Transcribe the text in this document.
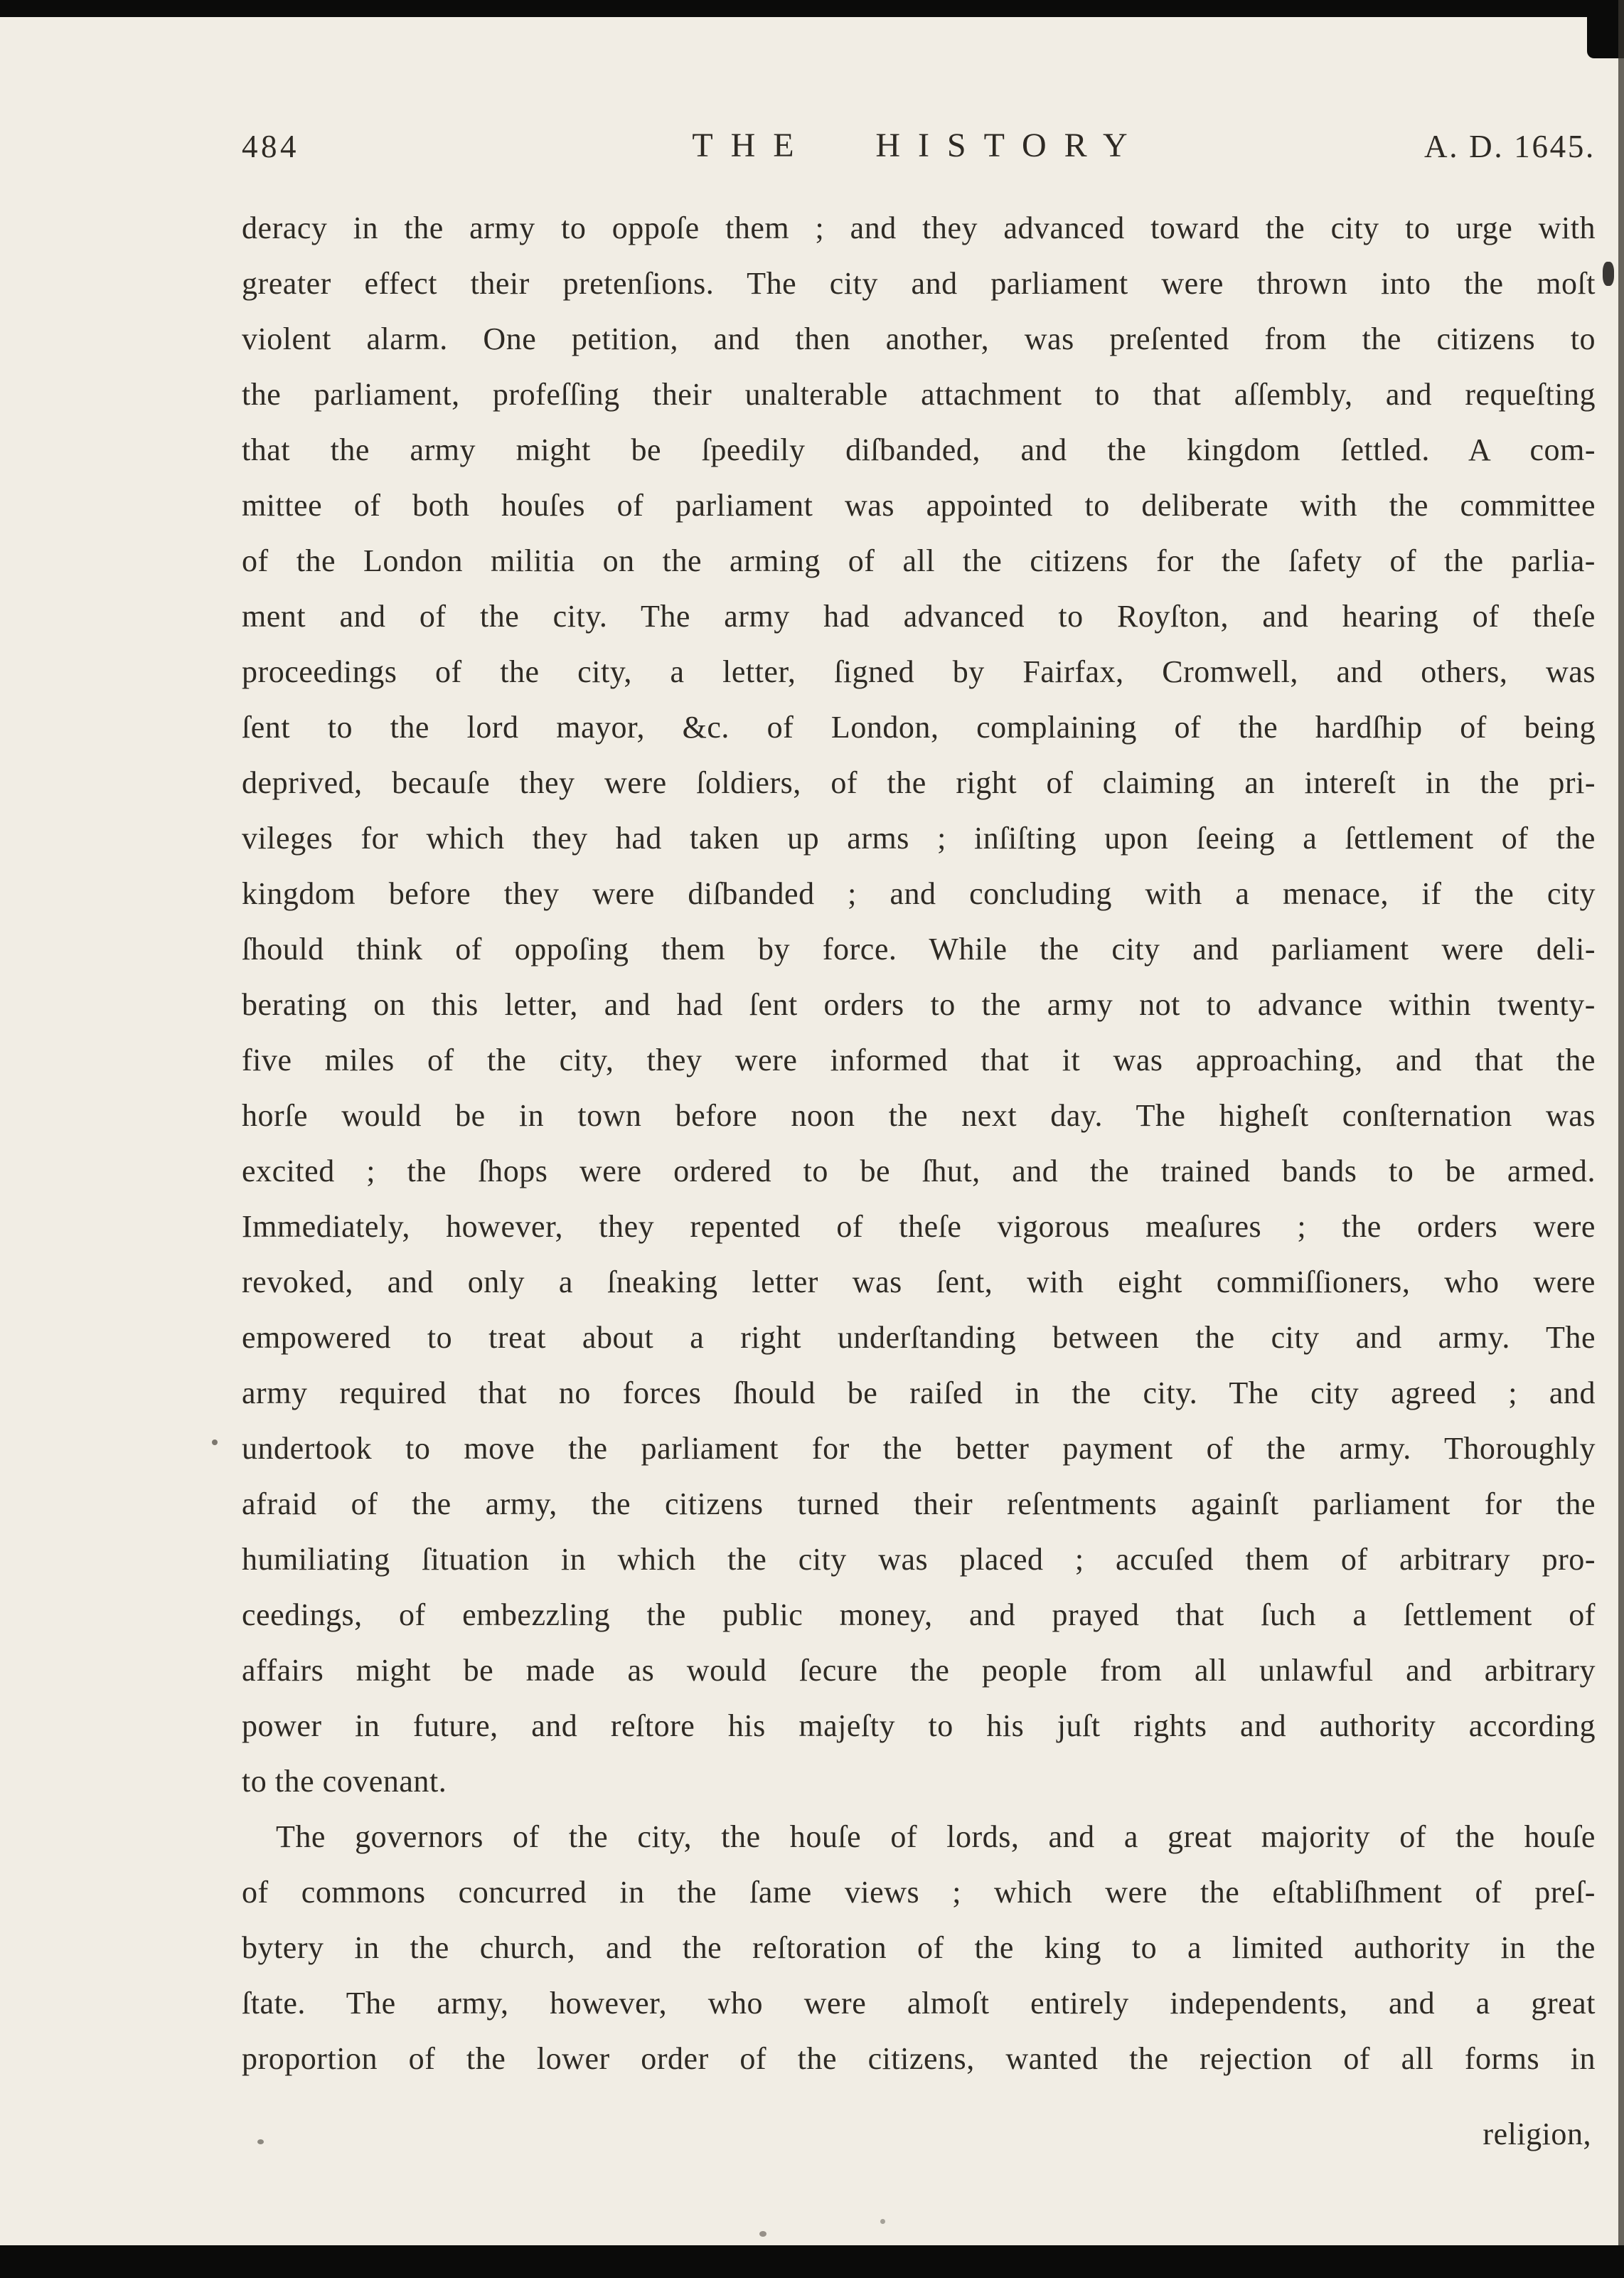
484	THE HISTORY	A. D. 1645.
deracy in the army to oppoſe them ; and they advanced toward the city to urge with
greater effect their pretenſions. The city and parliament were thrown into the moſt
violent alarm. One petition, and then another, was preſented from the citizens to
the parliament, profeſſing their unalterable attachment to that aſſembly, and requeſting
that the army might be ſpeedily diſbanded, and the kingdom ſettled. A com-
mittee of both houſes of parliament was appointed to deliberate with the committee
of the London militia on the arming of all the citizens for the ſafety of the parlia-
ment and of the city. The army had advanced to Royſton, and hearing of theſe
proceedings of the city, a letter, ſigned by Fairfax, Cromwell, and others, was
ſent to the lord mayor, &c. of London, complaining of the hardſhip of being
deprived, becauſe they were ſoldiers, of the right of claiming an intereſt in the pri-
vileges for which they had taken up arms ; inſiſting upon ſeeing a ſettlement of the
kingdom before they were diſbanded ; and concluding with a menace, if the city
ſhould think of oppoſing them by force. While the city and parliament were deli-
berating on this letter, and had ſent orders to the army not to advance within twenty-
five miles of the city, they were informed that it was approaching, and that the
horſe would be in town before noon the next day. The higheſt conſternation was
excited ; the ſhops were ordered to be ſhut, and the trained bands to be armed.
Immediately, however, they repented of theſe vigorous meaſures ; the orders were
revoked, and only a ſneaking letter was ſent, with eight commiſſioners, who were
empowered to treat about a right underſtanding between the city and army. The
army required that no forces ſhould be raiſed in the city. The city agreed ; and
undertook to move the parliament for the better payment of the army. Thoroughly
afraid of the army, the citizens turned their reſentments againſt parliament for the
humiliating ſituation in which the city was placed ; accuſed them of arbitrary pro-
ceedings, of embezzling the public money, and prayed that ſuch a ſettlement of
affairs might be made as would ſecure the people from all unlawful and arbitrary
power in future, and reſtore his majeſty to his juſt rights and authority according
to the covenant.
The governors of the city, the houſe of lords, and a great majority of the houſe
of commons concurred in the ſame views ; which were the eſtabliſhment of preſ-
bytery in the church, and the reſtoration of the king to a limited authority in the
ſtate. The army, however, who were almoſt entirely independents, and a great
proportion of the lower order of the citizens, wanted the rejection of all forms in
religion,
